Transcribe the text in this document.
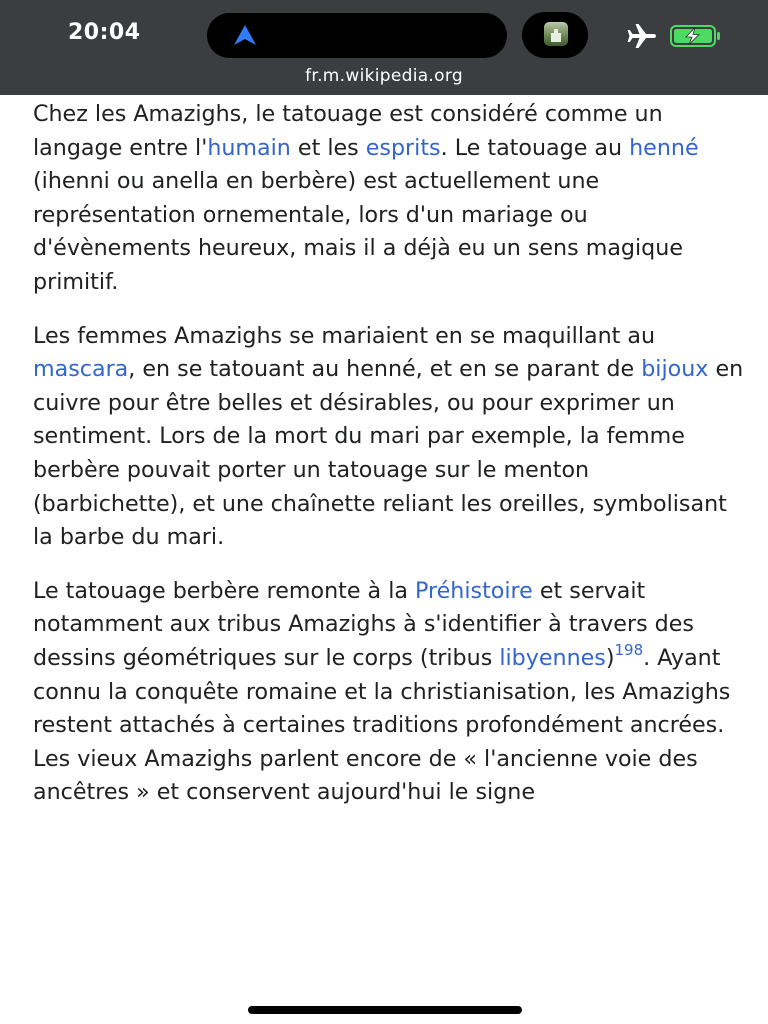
20:04
fr.m.wikipedia.org

Chez les Amazighs, le tatouage est considéré comme un langage entre l'humain et les esprits. Le tatouage au henné (ihenni ou anella en berbère) est actuellement une représentation ornementale, lors d'un mariage ou d'évènements heureux, mais il a déjà eu un sens magique primitif.

Les femmes Amazighs se mariaient en se maquillant au mascara, en se tatouant au henné, et en se parant de bijoux en cuivre pour être belles et désirables, ou pour exprimer un sentiment. Lors de la mort du mari par exemple, la femme berbère pouvait porter un tatouage sur le menton (barbichette), et une chaînette reliant les oreilles, symbolisant la barbe du mari.

Le tatouage berbère remonte à la Préhistoire et servait notamment aux tribus Amazighs à s'identifier à travers des dessins géométriques sur le corps (tribus libyennes)$^{198}$. Ayant connu la conquête romaine et la christianisation, les Amazighs restent attachés à certaines traditions profondément ancrées. Les vieux Amazighs parlent encore de « l'ancienne voie des ancêtres » et conservent aujourd'hui le signe
